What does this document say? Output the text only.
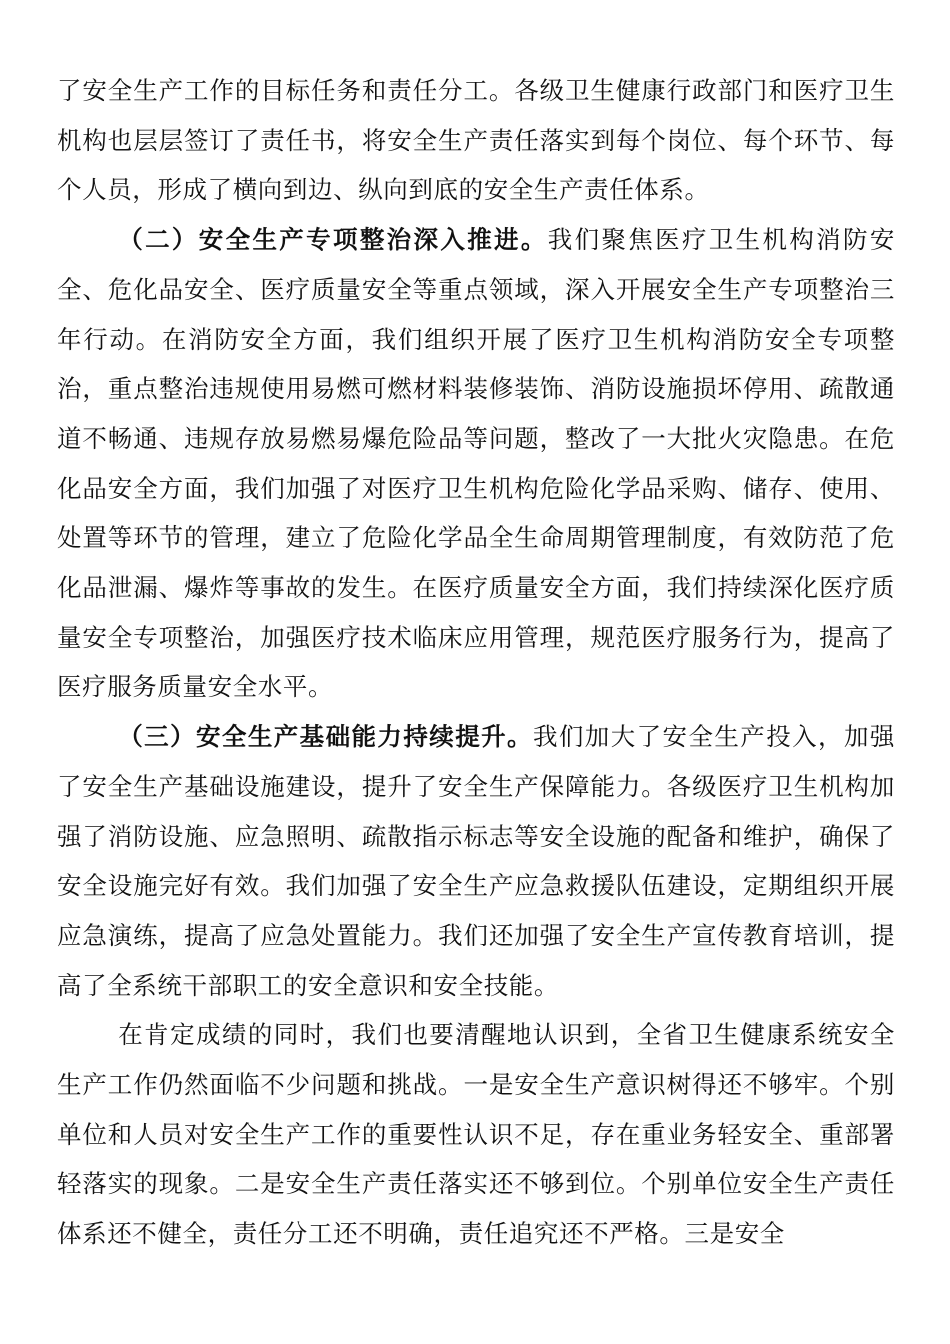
了安全生产工作的目标任务和责任分工。各级卫生健康行政部门和医疗卫生机构也层层签订了责任书，将安全生产责任落实到每个岗位、每个环节、每个人员，形成了横向到边、纵向到底的安全生产责任体系。

（二）安全生产专项整治深入推进。我们聚焦医疗卫生机构消防安全、危化品安全、医疗质量安全等重点领域，深入开展安全生产专项整治三年行动。在消防安全方面，我们组织开展了医疗卫生机构消防安全专项整治，重点整治违规使用易燃可燃材料装修装饰、消防设施损坏停用、疏散通道不畅通、违规存放易燃易爆危险品等问题，整改了一大批火灾隐患。在危化品安全方面，我们加强了对医疗卫生机构危险化学品采购、储存、使用、处置等环节的管理，建立了危险化学品全生命周期管理制度，有效防范了危化品泄漏、爆炸等事故的发生。在医疗质量安全方面，我们持续深化医疗质量安全专项整治，加强医疗技术临床应用管理，规范医疗服务行为，提高了医疗服务质量安全水平。

（三）安全生产基础能力持续提升。我们加大了安全生产投入，加强了安全生产基础设施建设，提升了安全生产保障能力。各级医疗卫生机构加强了消防设施、应急照明、疏散指示标志等安全设施的配备和维护，确保了安全设施完好有效。我们加强了安全生产应急救援队伍建设，定期组织开展应急演练，提高了应急处置能力。我们还加强了安全生产宣传教育培训，提高了全系统干部职工的安全意识和安全技能。

在肯定成绩的同时，我们也要清醒地认识到，全省卫生健康系统安全生产工作仍然面临不少问题和挑战。一是安全生产意识树得还不够牢。个别单位和人员对安全生产工作的重要性认识不足，存在重业务轻安全、重部署轻落实的现象。二是安全生产责任落实还不够到位。个别单位安全生产责任体系还不健全，责任分工还不明确，责任追究还不严格。三是安全
